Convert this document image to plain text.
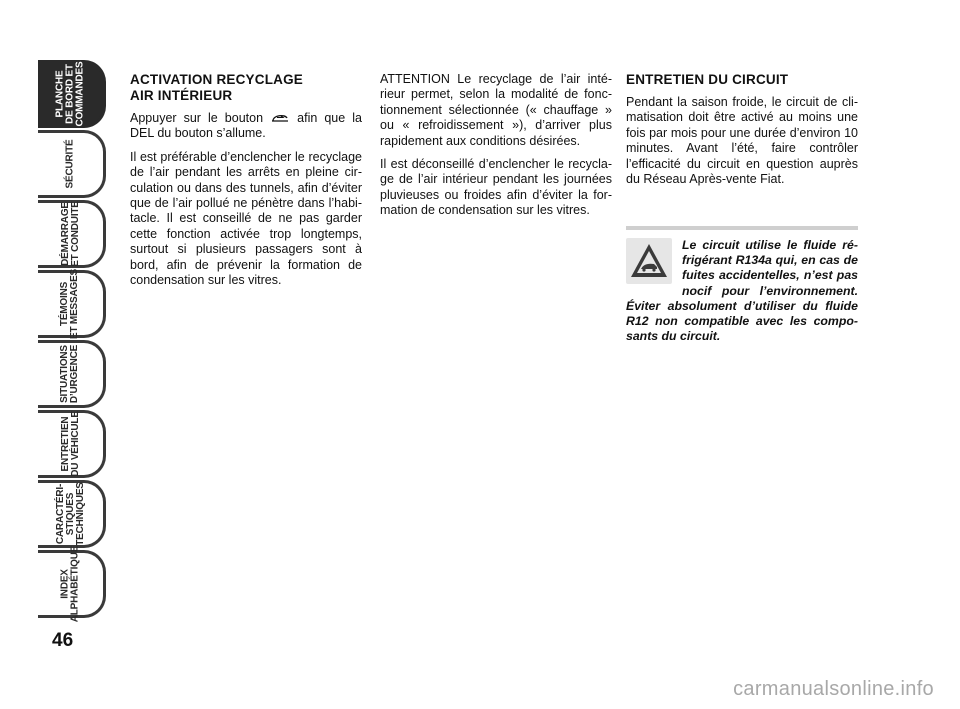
PLANCHE
DE BORD ET
COMMANDES
SÉCURITÉ
DÉMARRAGE
ET CONDUITE
TÉMOINS
ET MESSAGES
SITUATIONS
D’URGENCE
ENTRETIEN
DU VÉHICULE
CARACTÉRI-
STIQUES
TECHNIQUES
INDEX
ALPHABÉTIQUE
46
ACTIVATION RECYCLAGE
AIR INTÉRIEUR

Appuyer sur le bouton	afin que la DEL du bouton s’allume.

Il est préférable d’enclencher le recyclage de l’air pendant les arrêts en pleine circulation ou dans des tunnels, afin d’éviter que de l’air pollué ne pénètre dans l’habitacle. Il est conseillé de ne pas garder cette fonction activée trop longtemps, surtout si plusieurs passagers sont à bord, afin de prévenir la formation de condensation sur les vitres.

ATTENTION Le recyclage de l’air intérieur permet, selon la modalité de fonctionnement sélectionnée (« chauffage » ou « refroidissement »), d’arriver plus rapidement aux conditions désirées.

Il est déconseillé d’enclencher le recyclage de l’air intérieur pendant les journées pluvieuses ou froides afin d’éviter la formation de condensation sur les vitres.

ENTRETIEN DU CIRCUIT

Pendant la saison froide, le circuit de climatisation doit être activé au moins une fois par mois pour une durée d’environ 10 minutes. Avant l’été, faire contrôler l’efficacité du circuit en question auprès du Réseau Après-vente Fiat.

Le circuit utilise le fluide réfrigérant R134a qui, en cas de fuites accidentelles, n’est pas nocif pour l’environnement. Éviter absolument d’utiliser du fluide R12 non compatible avec les composants du circuit.

carmanualsonline.info
